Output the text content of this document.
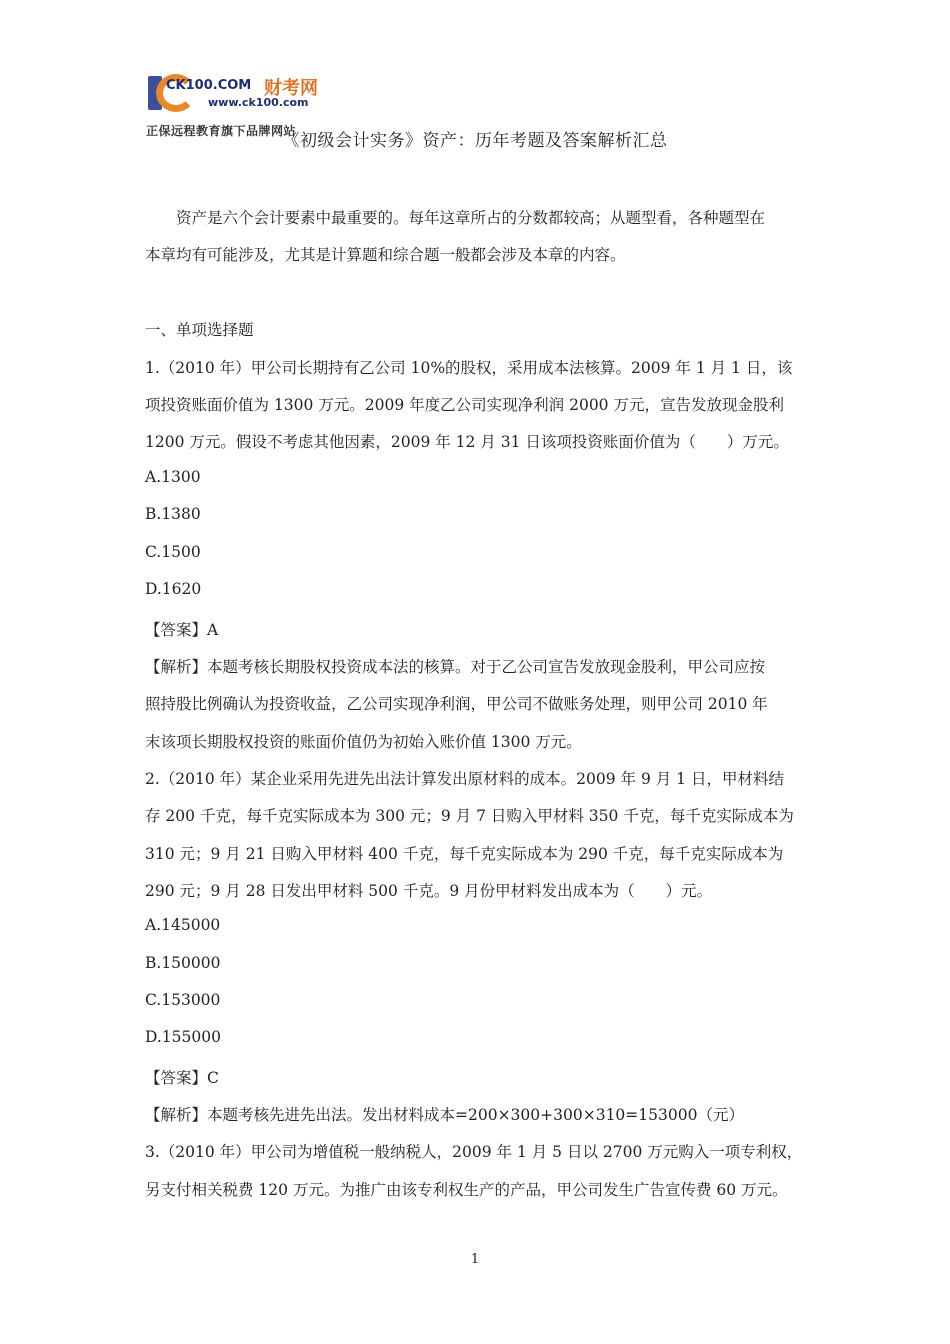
CK100.COM 财考网
www.ck100.com
正保远程教育旗下品牌网站
《初级会计实务》资产：历年考题及答案解析汇总
　　资产是六个会计要素中最重要的。每年这章所占的分数都较高；从题型看，各种题型在
本章均有可能涉及，尤其是计算题和综合题一般都会涉及本章的内容。
一、单项选择题
1.（2010 年）甲公司长期持有乙公司 10%的股权，采用成本法核算。2009 年 1 月 1 日，该
项投资账面价值为 1300 万元。2009 年度乙公司实现净利润 2000 万元，宣告发放现金股利
1200 万元。假设不考虑其他因素，2009 年 12 月 31 日该项投资账面价值为（　　）万元。
A.1300
B.1380
C.1500
D.1620
【答案】A
【解析】本题考核长期股权投资成本法的核算。对于乙公司宣告发放现金股利，甲公司应按
照持股比例确认为投资收益，乙公司实现净利润，甲公司不做账务处理，则甲公司 2010 年
末该项长期股权投资的账面价值仍为初始入账价值 1300 万元。
2.（2010 年）某企业采用先进先出法计算发出原材料的成本。2009 年 9 月 1 日，甲材料结
存 200 千克，每千克实际成本为 300 元；9 月 7 日购入甲材料 350 千克，每千克实际成本为
310 元；9 月 21 日购入甲材料 400 千克，每千克实际成本为 290 千克，每千克实际成本为
290 元；9 月 28 日发出甲材料 500 千克。9 月份甲材料发出成本为（　　）元。
A.145000
B.150000
C.153000
D.155000
【答案】C
【解析】本题考核先进先出法。发出材料成本=200×300+300×310=153000（元）
3.（2010 年）甲公司为增值税一般纳税人，2009 年 1 月 5 日以 2700 万元购入一项专利权，
另支付相关税费 120 万元。为推广由该专利权生产的产品，甲公司发生广告宣传费 60 万元。
1
